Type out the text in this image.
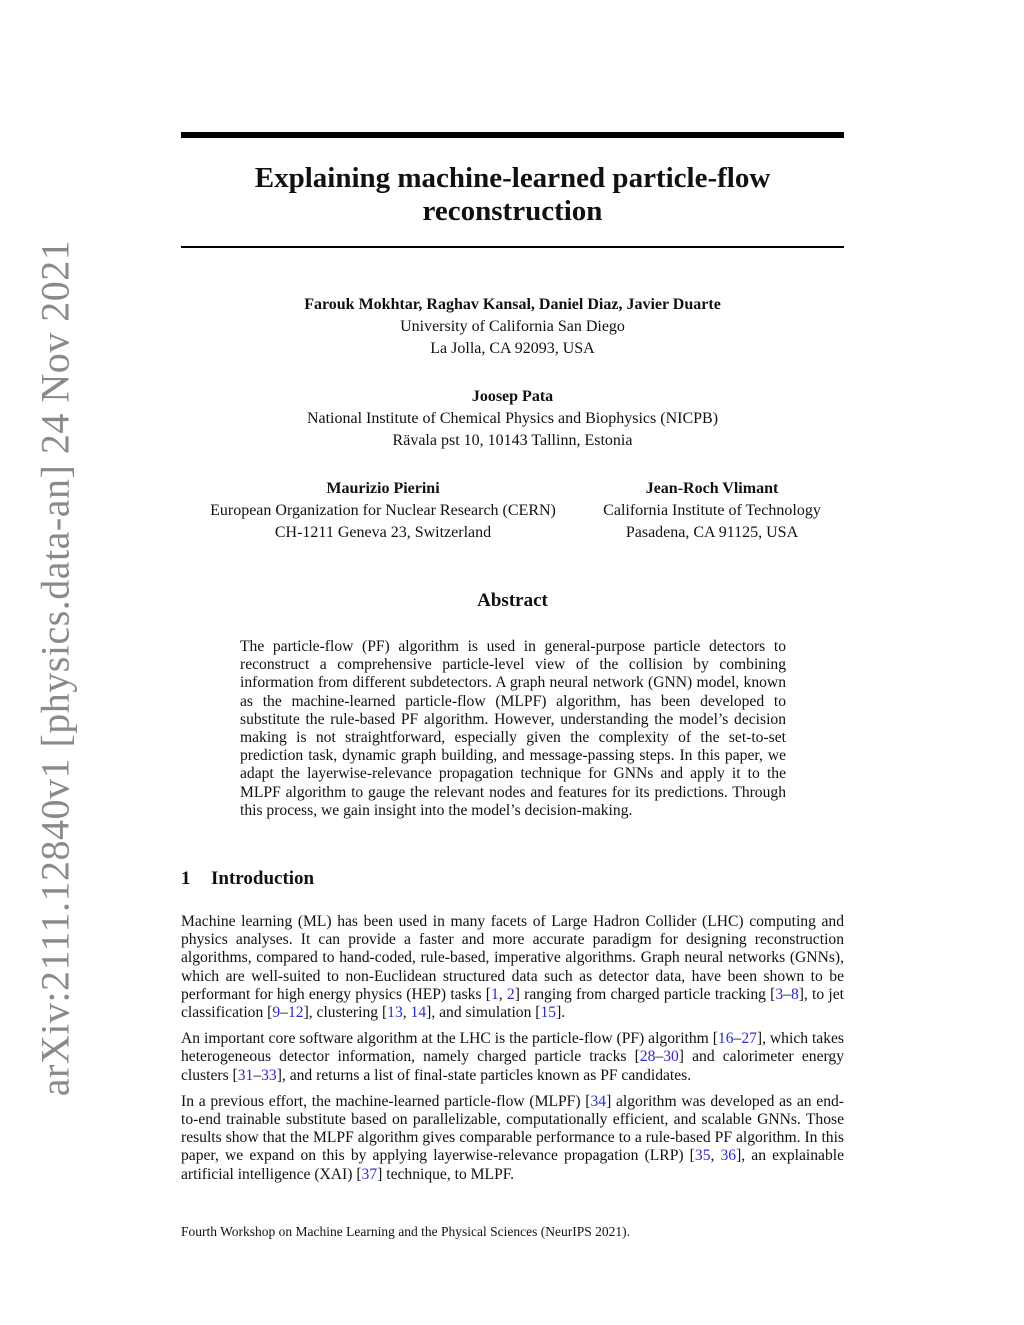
arXiv:2111.12840v1 [physics.data-an] 24 Nov 2021
Explaining machine-learned particle-flow reconstruction
Farouk Mokhtar, Raghav Kansal, Daniel Diaz, Javier Duarte
University of California San Diego
La Jolla, CA 92093, USA
Joosep Pata
National Institute of Chemical Physics and Biophysics (NICPB)
Rävala pst 10, 10143 Tallinn, Estonia
Maurizio Pierini
European Organization for Nuclear Research (CERN)
CH-1211 Geneva 23, Switzerland
Jean-Roch Vlimant
California Institute of Technology
Pasadena, CA 91125, USA
Abstract
The particle-flow (PF) algorithm is used in general-purpose particle detectors to reconstruct a comprehensive particle-level view of the collision by combining information from different subdetectors. A graph neural network (GNN) model, known as the machine-learned particle-flow (MLPF) algorithm, has been developed to substitute the rule-based PF algorithm. However, understanding the model’s decision making is not straightforward, especially given the complexity of the set-to-set prediction task, dynamic graph building, and message-passing steps. In this paper, we adapt the layerwise-relevance propagation technique for GNNs and apply it to the MLPF algorithm to gauge the relevant nodes and features for its predictions. Through this process, we gain insight into the model’s decision-making.
1 Introduction

Machine learning (ML) has been used in many facets of Large Hadron Collider (LHC) computing and physics analyses. It can provide a faster and more accurate paradigm for designing reconstruction algorithms, compared to hand-coded, rule-based, imperative algorithms. Graph neural networks (GNNs), which are well-suited to non-Euclidean structured data such as detector data, have been shown to be performant for high energy physics (HEP) tasks [1, 2] ranging from charged particle tracking [3–8], to jet classification [9–12], clustering [13, 14], and simulation [15].

An important core software algorithm at the LHC is the particle-flow (PF) algorithm [16–27], which takes heterogeneous detector information, namely charged particle tracks [28–30] and calorimeter energy clusters [31–33], and returns a list of final-state particles known as PF candidates.

In a previous effort, the machine-learned particle-flow (MLPF) [34] algorithm was developed as an end-to-end trainable substitute based on parallelizable, computationally efficient, and scalable GNNs. Those results show that the MLPF algorithm gives comparable performance to a rule-based PF algorithm. In this paper, we expand on this by applying layerwise-relevance propagation (LRP) [35, 36], an explainable artificial intelligence (XAI) [37] technique, to MLPF.

Fourth Workshop on Machine Learning and the Physical Sciences (NeurIPS 2021).
